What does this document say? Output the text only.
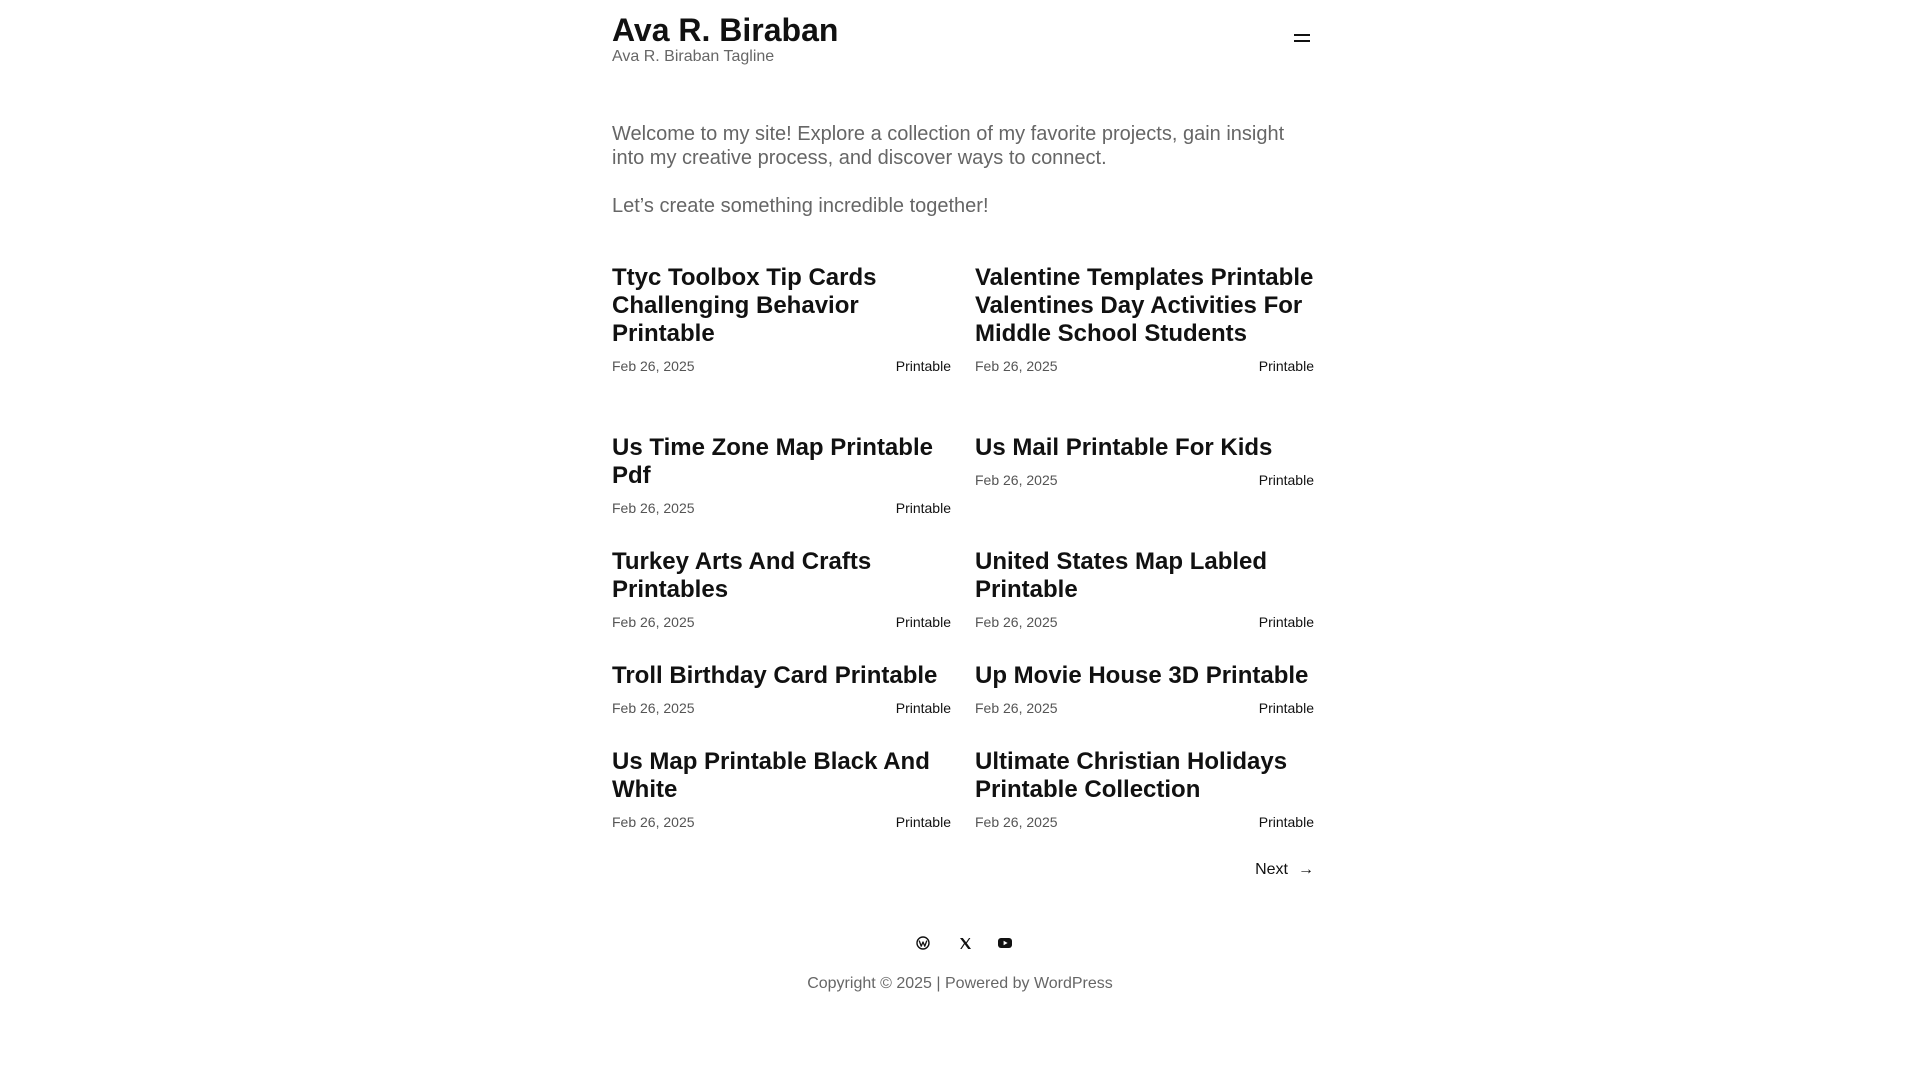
Ava R. Biraban
Ava R. Biraban Tagline

Welcome to my site! Explore a collection of my favorite projects, gain insight into my creative process, and discover ways to connect.

Let’s create something incredible together!

Ttyc Toolbox Tip Cards Challenging Behavior Printable
Feb 26, 2025	Printable
Valentine Templates Printable Valentines Day Activities For Middle School Students
Feb 26, 2025	Printable
Us Time Zone Map Printable Pdf
Feb 26, 2025	Printable
Us Mail Printable For Kids
Feb 26, 2025	Printable
Turkey Arts And Crafts Printables
Feb 26, 2025	Printable
United States Map Labled Printable
Feb 26, 2025	Printable
Troll Birthday Card Printable
Feb 26, 2025	Printable
Up Movie House 3D Printable
Feb 26, 2025	Printable
Us Map Printable Black And White
Feb 26, 2025	Printable
Ultimate Christian Holidays Printable Collection
Feb 26, 2025	Printable
Next →
Copyright © 2025 | Powered by WordPress
